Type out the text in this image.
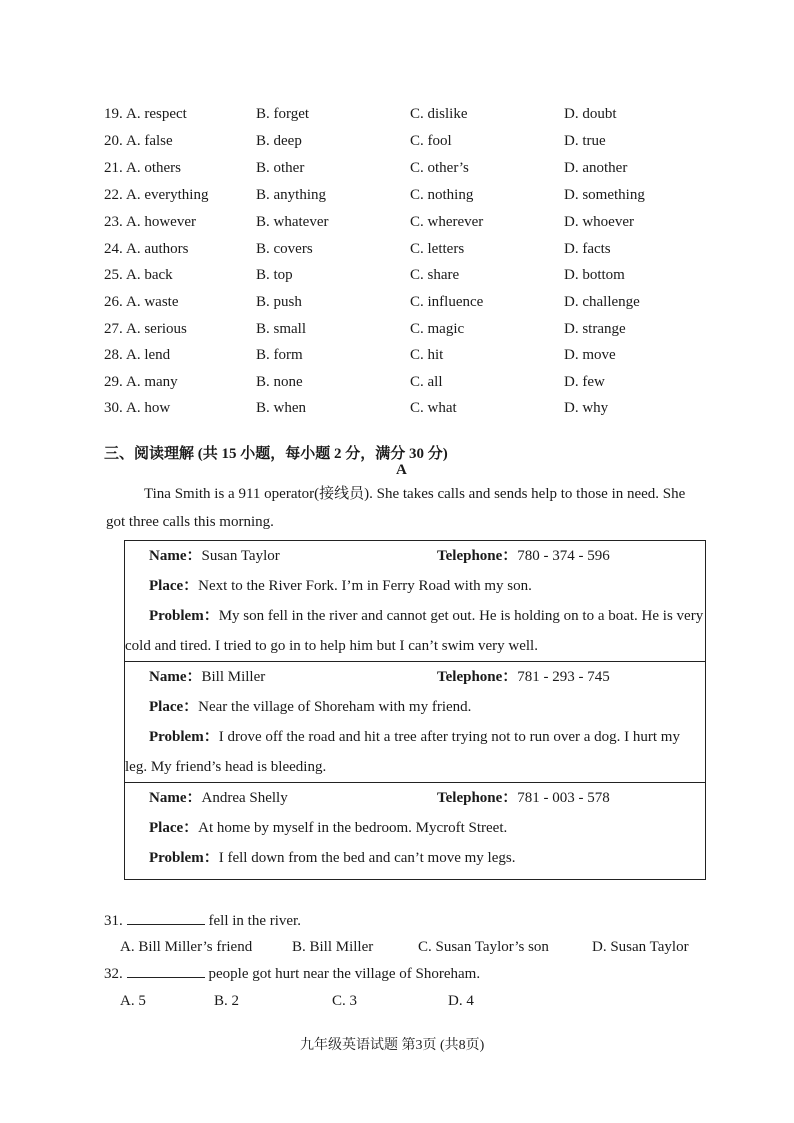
19. A. respect	B. forget	C. dislike	D. doubt
20. A. false	B. deep	C. fool	D. true
21. A. others	B. other	C. other’s	D. another
22. A. everything	B. anything	C. nothing	D. something
23. A. however	B. whatever	C. wherever	D. whoever
24. A. authors	B. covers	C. letters	D. facts
25. A. back	B. top	C. share	D. bottom
26. A. waste	B. push	C. influence	D. challenge
27. A. serious	B. small	C. magic	D. strange
28. A. lend	B. form	C. hit	D. move
29. A. many	B. none	C. all	D. few
30. A. how	B. when	C. what	D. why
三、阅读理解 (共 15 小题，每小题 2 分，满分 30 分)
A
Tina Smith is a 911 operator(接线员). She takes calls and sends help to those in need. She got three calls this morning.
Name：Susan Taylor	Telephone：780 - 374 - 596
Place：Next to the River Fork. I’m in Ferry Road with my son.
Problem：My son fell in the river and cannot get out. He is holding on to a boat. He is very cold and tired. I tried to go in to help him but I can’t swim very well.
Name：Bill Miller	Telephone：781 - 293 - 745
Place：Near the village of Shoreham with my friend.
Problem：I drove off the road and hit a tree after trying not to run over a dog. I hurt my leg. My friend’s head is bleeding.
Name：Andrea Shelly	Telephone：781 - 003 - 578
Place：At home by myself in the bedroom. Mycroft Street.
Problem：I fell down from the bed and can’t move my legs.
31.	fell in the river.
A. Bill Miller’s friend	B. Bill Miller	C. Susan Taylor’s son	D. Susan Taylor
32.	people got hurt near the village of Shoreham.
A. 5	B. 2	C. 3	D. 4
九年级英语试题 第3页 (共8页)
